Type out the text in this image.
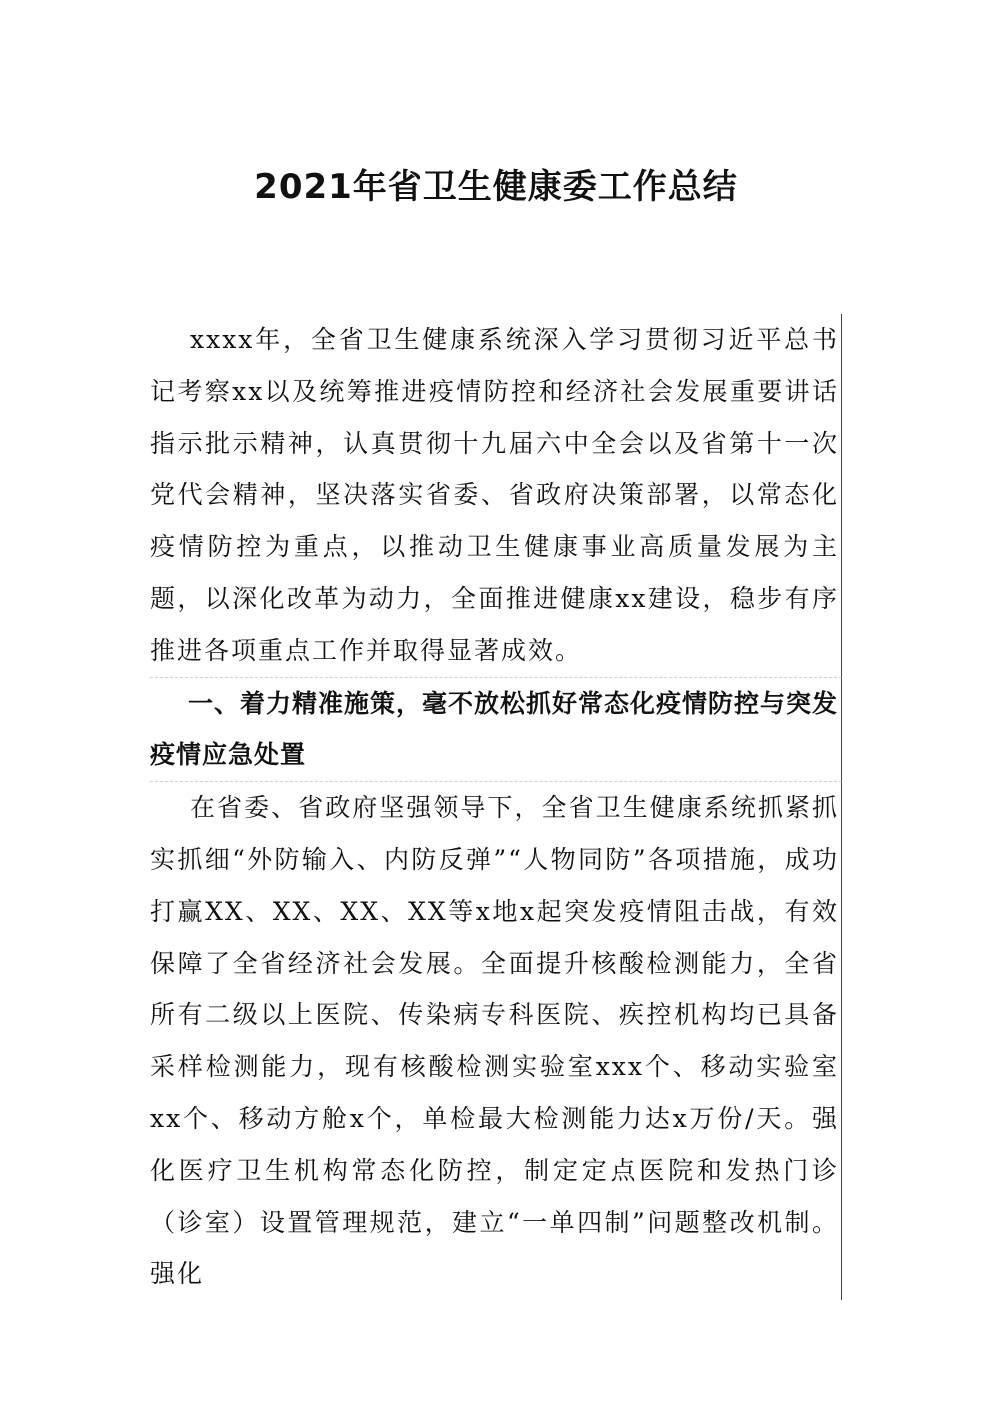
2021年省卫生健康委工作总结

xxxx年，全省卫生健康系统深入学习贯彻习近平总书记考察xx以及统筹推进疫情防控和经济社会发展重要讲话指示批示精神，认真贯彻十九届六中全会以及省第十一次党代会精神，坚决落实省委、省政府决策部署，以常态化疫情防控为重点，以推动卫生健康事业高质量发展为主题，以深化改革为动力，全面推进健康xx建设，稳步有序推进各项重点工作并取得显著成效。

一、着力精准施策，毫不放松抓好常态化疫情防控与突发疫情应急处置

在省委、省政府坚强领导下，全省卫生健康系统抓紧抓实抓细“外防输入、内防反弹”“人物同防”各项措施，成功打赢XX、XX、XX、XX等x地x起突发疫情阻击战，有效保障了全省经济社会发展。全面提升核酸检测能力，全省所有二级以上医院、传染病专科医院、疾控机构均已具备采样检测能力，现有核酸检测实验室xxx个、移动实验室xx个、移动方舱x个，单检最大检测能力达x万份/天。强化医疗卫生机构常态化防控，制定定点医院和发热门诊（诊室）设置管理规范，建立“一单四制”问题整改机制。强化
